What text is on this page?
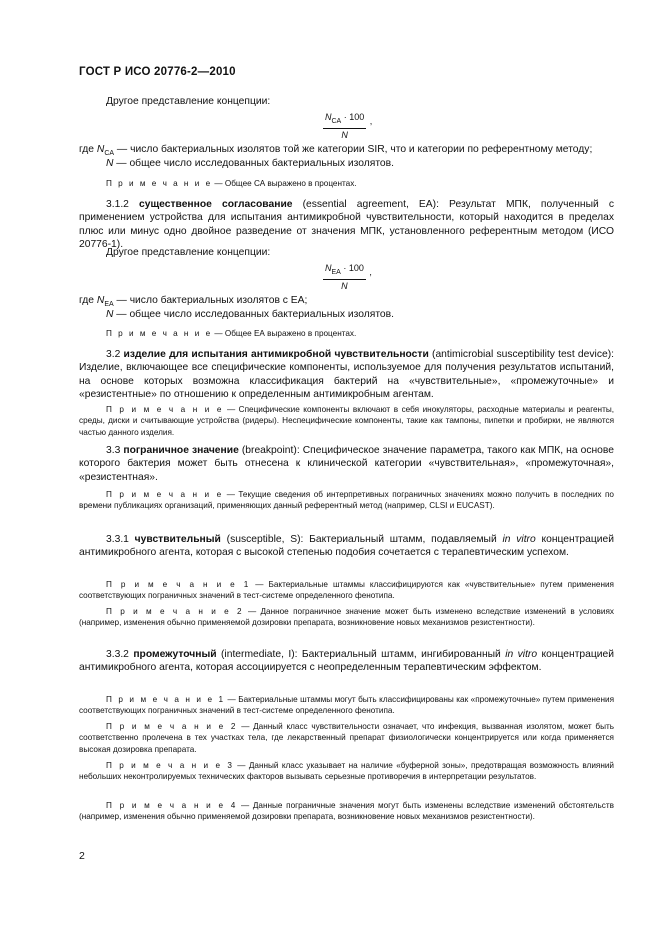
ГОСТ Р ИСО 20776-2—2010
Другое представление концепции:
$N_{CA} \cdot 100$
N
,
где $N_{CA}$ — число бактериальных изолятов той же категории SIR, что и категории по референтному методу;
N — общее число исследованных бактериальных изолятов.
П р и м е ч а н и е — Общее СА выражено в процентах.
3.1.2 существенное согласование (essential agreement, EA): Результат МПК, полученный с применением устройства для испытания антимикробной чувствительности, который находится в пределах плюс или минус одно двойное разведение от значения МПК, установленного референтным методом (ИСО 20776-1).
Другое представление концепции:
$N_{EA} \cdot 100$
N
,
где $N_{EA}$ — число бактериальных изолятов с ЕА;
N — общее число исследованных бактериальных изолятов.
П р и м е ч а н и е — Общее ЕА выражено в процентах.
3.2 изделие для испытания антимикробной чувствительности (antimicrobial susceptibility test device): Изделие, включающее все специфические компоненты, используемое для получения результатов испытаний, на основе которых возможна классификация бактерий на «чувствительные», «промежуточные» и «резистентные» по отношению к определенным антимикробным агентам.
П р и м е ч а н и е — Специфические компоненты включают в себя инокуляторы, расходные материалы и реагенты, среды, диски и считывающие устройства (ридеры). Неспецифические компоненты, такие как тампоны, пипетки и пробирки, не являются частью данного изделия.
3.3 пограничное значение (breakpoint): Специфическое значение параметра, такого как МПК, на основе которого бактерия может быть отнесена к клинической категории «чувствительная», «промежуточная», «резистентная».
П р и м е ч а н и е — Текущие сведения об интерпретивных пограничных значениях можно получить в последних по времени публикациях организаций, применяющих данный референтный метод (например, CLSI и EUCAST).
3.3.1 чувствительный (susceptible, S): Бактериальный штамм, подавляемый in vitro концентрацией антимикробного агента, которая с высокой степенью подобия сочетается с терапевтическим успехом.
П р и м е ч а н и е 1 — Бактериальные штаммы классифицируются как «чувствительные» путем применения соответствующих пограничных значений в тест-системе определенного фенотипа.
П р и м е ч а н и е 2 — Данное пограничное значение может быть изменено вследствие изменений в условиях (например, изменения обычно применяемой дозировки препарата, возникновение новых механизмов резистентности).
3.3.2 промежуточный (intermediate, I): Бактериальный штамм, ингибированный in vitro концентрацией антимикробного агента, которая ассоциируется с неопределенным терапевтическим эффектом.
П р и м е ч а н и е 1 — Бактериальные штаммы могут быть классифицированы как «промежуточные» путем применения соответствующих пограничных значений в тест-системе определенного фенотипа.
П р и м е ч а н и е 2 — Данный класс чувствительности означает, что инфекция, вызванная изолятом, может быть соответственно пролечена в тех участках тела, где лекарственный препарат физиологически концентрируется или когда применяется высокая дозировка препарата.
П р и м е ч а н и е 3 — Данный класс указывает на наличие «буферной зоны», предотвращая возможность влияний небольших неконтролируемых технических факторов вызывать серьезные противоречия в интерпретации результатов.
П р и м е ч а н и е 4 — Данные пограничные значения могут быть изменены вследствие изменений обстоятельств (например, изменения обычно применяемой дозировки препарата, возникновение новых механизмов резистентности).
2
